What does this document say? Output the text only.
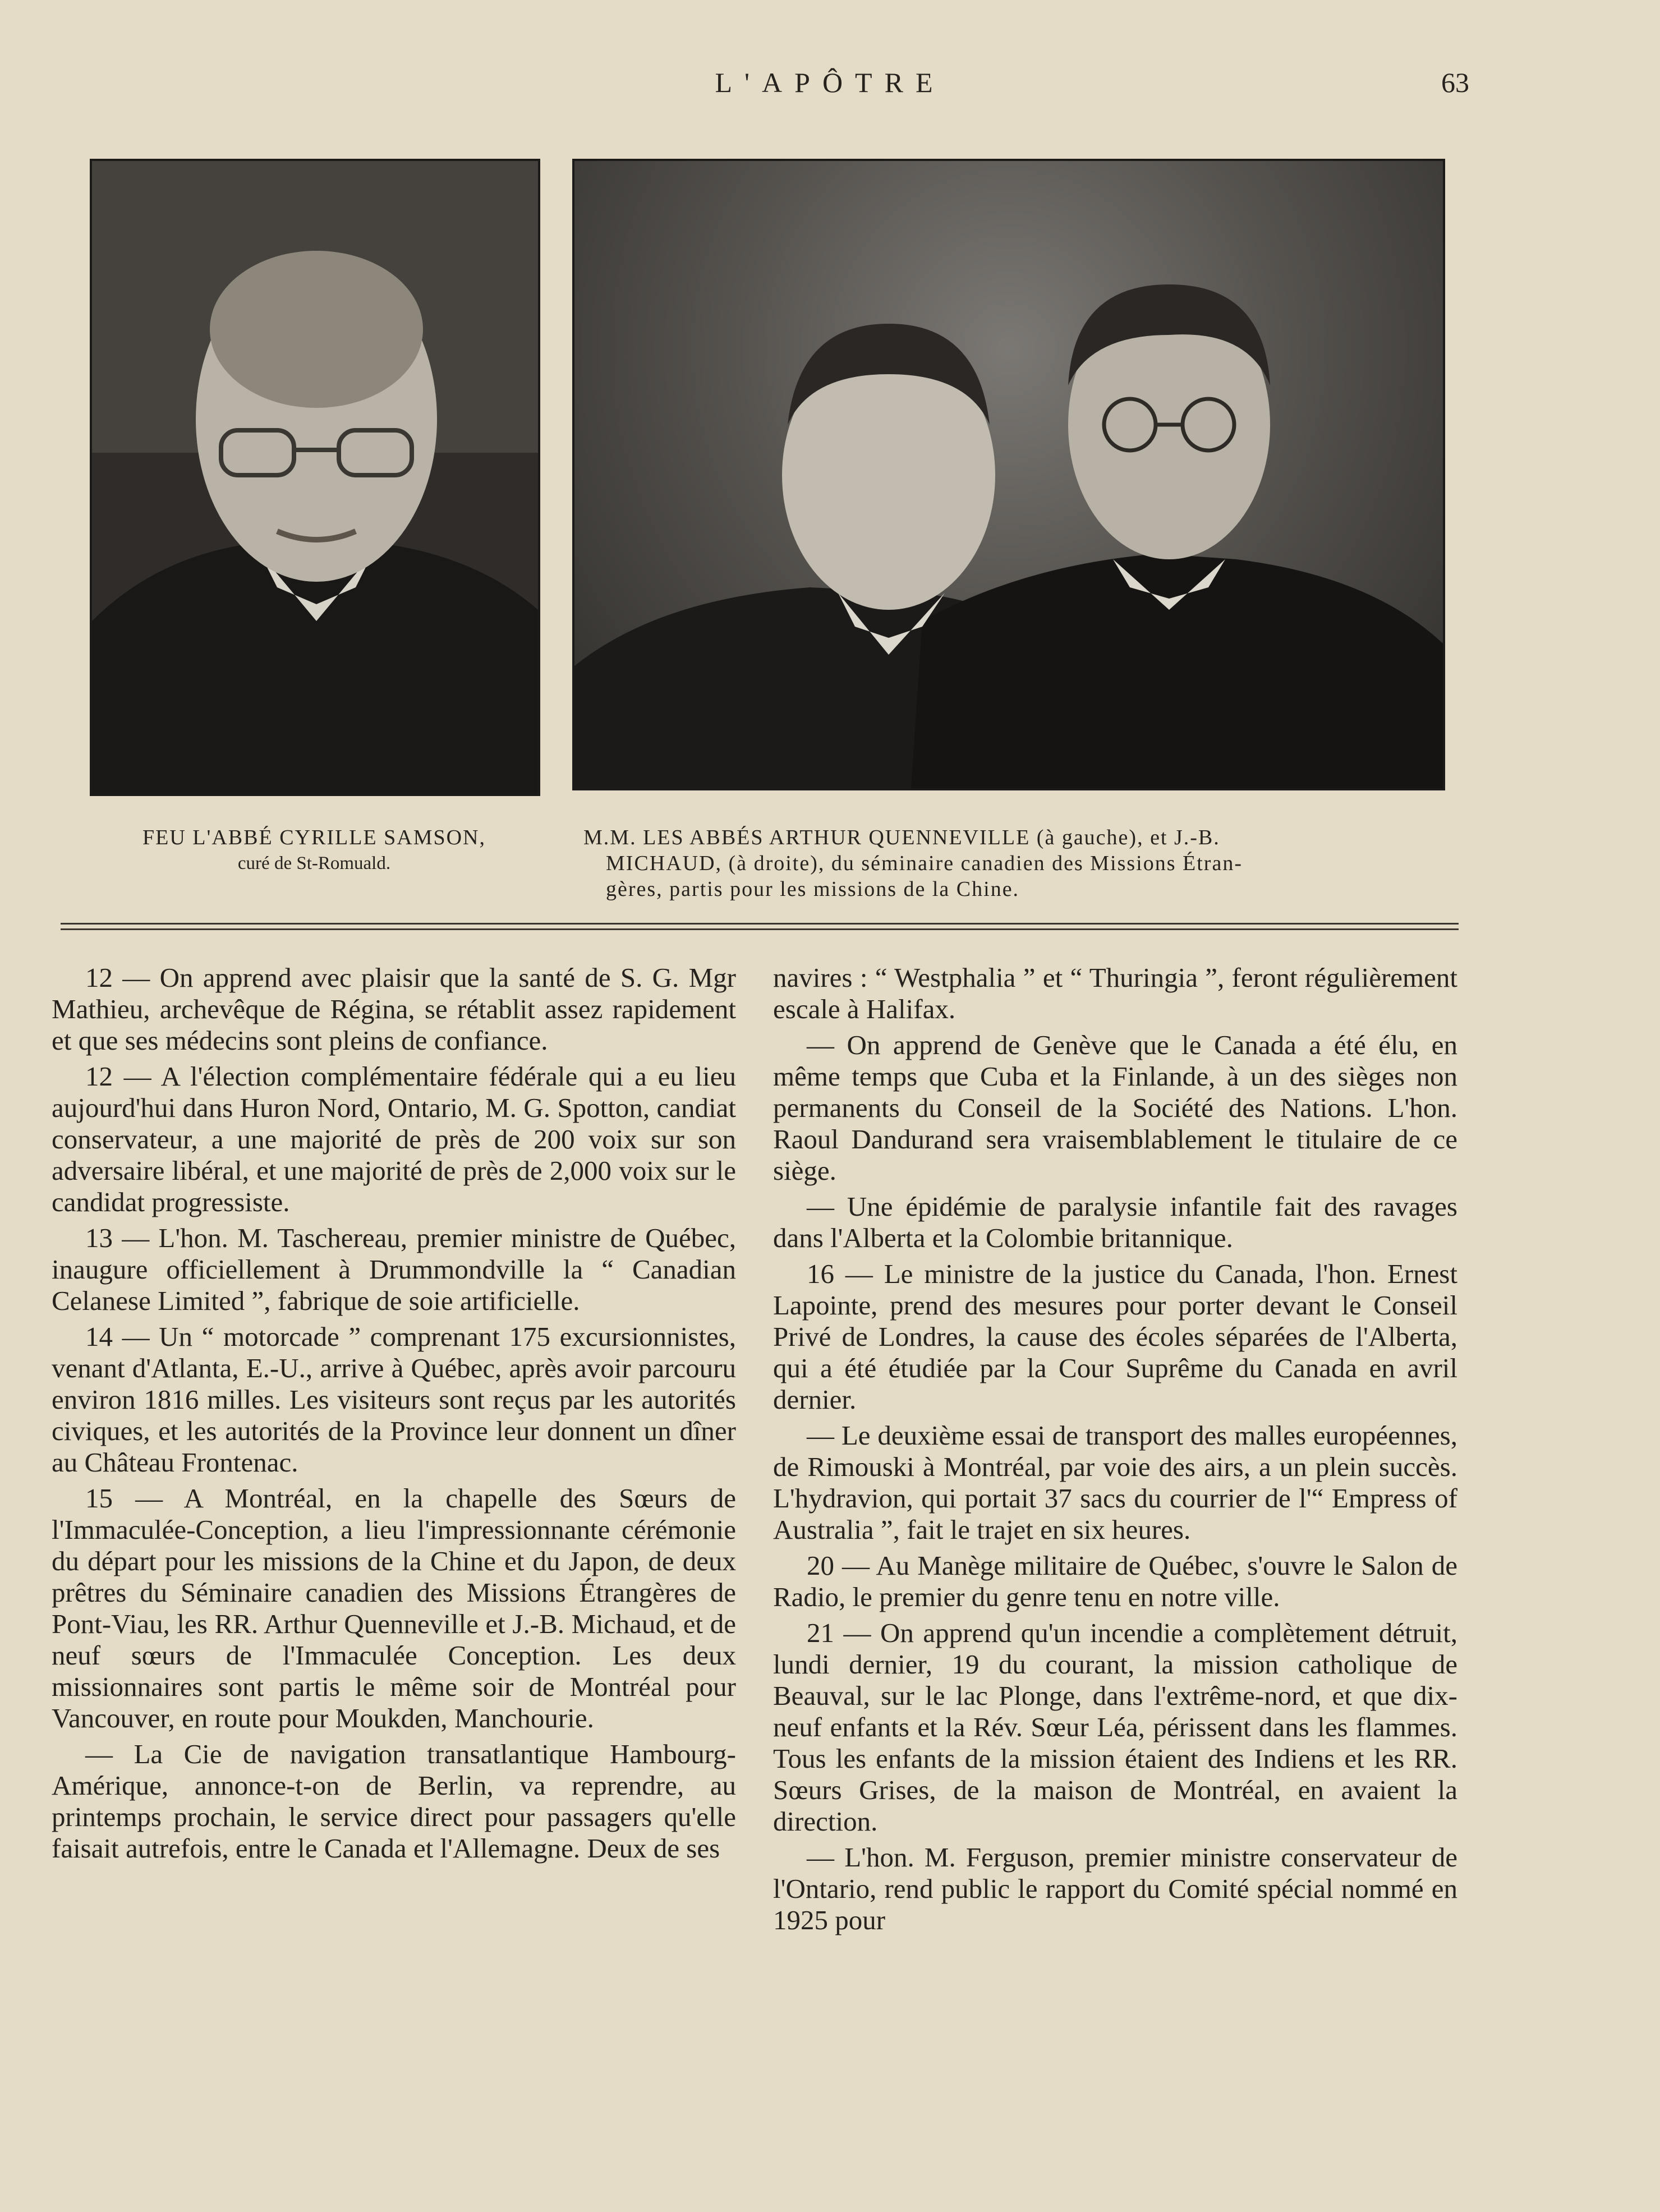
L'APÔTRE	63
FEU L'ABBÉ CYRILLE SAMSON,
curé de St-Romuald.
M.M. LES ABBÉS ARTHUR QUENNEVILLE (à gauche), et J.-B.
MICHAUD, (à droite), du séminaire canadien des Missions Étran-
gères, partis pour les missions de la Chine.

12 — On apprend avec plaisir que la santé de S. G. Mgr Mathieu, archevêque de Régina, se rétablit assez rapidement et que ses médecins sont pleins de confiance.

12 — A l'élection complémentaire fédérale qui a eu lieu aujourd'hui dans Huron Nord, Ontario, M. G. Spotton, candiat conservateur, a une majorité de près de 200 voix sur son adversaire libéral, et une majorité de près de 2,000 voix sur le candidat progressiste.

13 — L'hon. M. Taschereau, premier ministre de Québec, inaugure officiellement à Drummondville la “ Canadian Celanese Limited ”, fabrique de soie artificielle.

14 — Un “ motorcade ” comprenant 175 excursionnistes, venant d'Atlanta, E.-U., arrive à Québec, après avoir parcouru environ 1816 milles. Les visiteurs sont reçus par les autorités civiques, et les autorités de la Province leur donnent un dîner au Château Frontenac.

15 — A Montréal, en la chapelle des Sœurs de l'Immaculée-Conception, a lieu l'impressionnante cérémonie du départ pour les missions de la Chine et du Japon, de deux prêtres du Séminaire canadien des Missions Étrangères de Pont-Viau, les RR. Arthur Quenneville et J.-B. Michaud, et de neuf sœurs de l'Immaculée Conception. Les deux missionnaires sont partis le même soir de Montréal pour Vancouver, en route pour Moukden, Manchourie.

— La Cie de navigation transatlantique Hambourg-Amérique, annonce-t-on de Berlin, va reprendre, au printemps prochain, le service direct pour passagers qu'elle faisait autrefois, entre le Canada et l'Allemagne. Deux de ses

navires : “ Westphalia ” et “ Thuringia ”, feront régulièrement escale à Halifax.

— On apprend de Genève que le Canada a été élu, en même temps que Cuba et la Finlande, à un des sièges non permanents du Conseil de la Société des Nations. L'hon. Raoul Dandurand sera vraisemblablement le titulaire de ce siège.

— Une épidémie de paralysie infantile fait des ravages dans l'Alberta et la Colombie britannique.

16 — Le ministre de la justice du Canada, l'hon. Ernest Lapointe, prend des mesures pour porter devant le Conseil Privé de Londres, la cause des écoles séparées de l'Alberta, qui a été étudiée par la Cour Suprême du Canada en avril dernier.

— Le deuxième essai de transport des malles européennes, de Rimouski à Montréal, par voie des airs, a un plein succès. L'hydravion, qui portait 37 sacs du courrier de l'“ Empress of Australia ”, fait le trajet en six heures.

20 — Au Manège militaire de Québec, s'ouvre le Salon de Radio, le premier du genre tenu en notre ville.

21 — On apprend qu'un incendie a complètement détruit, lundi dernier, 19 du courant, la mission catholique de Beauval, sur le lac Plonge, dans l'extrême-nord, et que dix-neuf enfants et la Rév. Sœur Léa, périssent dans les flammes. Tous les enfants de la mission étaient des Indiens et les RR. Sœurs Grises, de la maison de Montréal, en avaient la direction.

— L'hon. M. Ferguson, premier ministre conservateur de l'Ontario, rend public le rapport du Comité spécial nommé en 1925 pour
